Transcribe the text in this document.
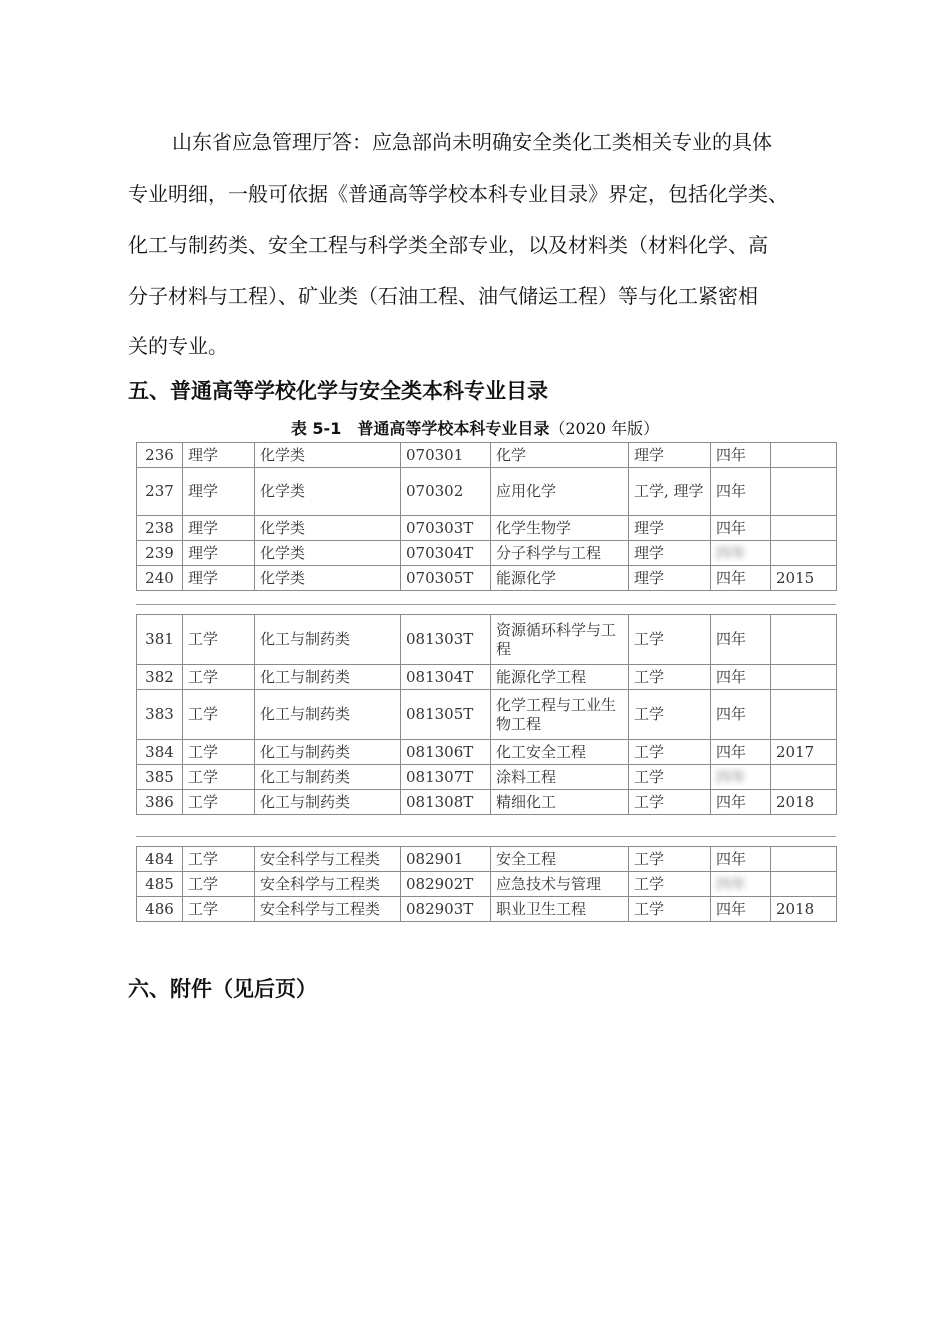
山东省应急管理厅答：应急部尚未明确安全类化工类相关专业的具体
专业明细，一般可依据《普通高等学校本科专业目录》界定，包括化学类、
化工与制药类、安全工程与科学类全部专业，以及材料类（材料化学、高
分子材料与工程）、矿业类（石油工程、油气储运工程）等与化工紧密相
关的专业。
五、普通高等学校化学与安全类本科专业目录
表 5-1　普通高等学校本科专业目录（2020 年版）
236	理学	化学类	070301	化学	理学	四年	
237	理学	化学类	070302	应用化学	工学, 理学	四年	
238	理学	化学类	070303T	化学生物学	理学	四年	
239	理学	化学类	070304T	分子科学与工程	理学	四年	
240	理学	化学类	070305T	能源化学	理学	四年	2015
381	工学	化工与制药类	081303T	资源循环科学与工程	工学	四年	
382	工学	化工与制药类	081304T	能源化学工程	工学	四年	
383	工学	化工与制药类	081305T	化学工程与工业生物工程	工学	四年	
384	工学	化工与制药类	081306T	化工安全工程	工学	四年	2017
385	工学	化工与制药类	081307T	涂料工程	工学	四年	
386	工学	化工与制药类	081308T	精细化工	工学	四年	2018
484	工学	安全科学与工程类	082901	安全工程	工学	四年	
485	工学	安全科学与工程类	082902T	应急技术与管理	工学	四年	
486	工学	安全科学与工程类	082903T	职业卫生工程	工学	四年	2018
六、附件（见后页）
